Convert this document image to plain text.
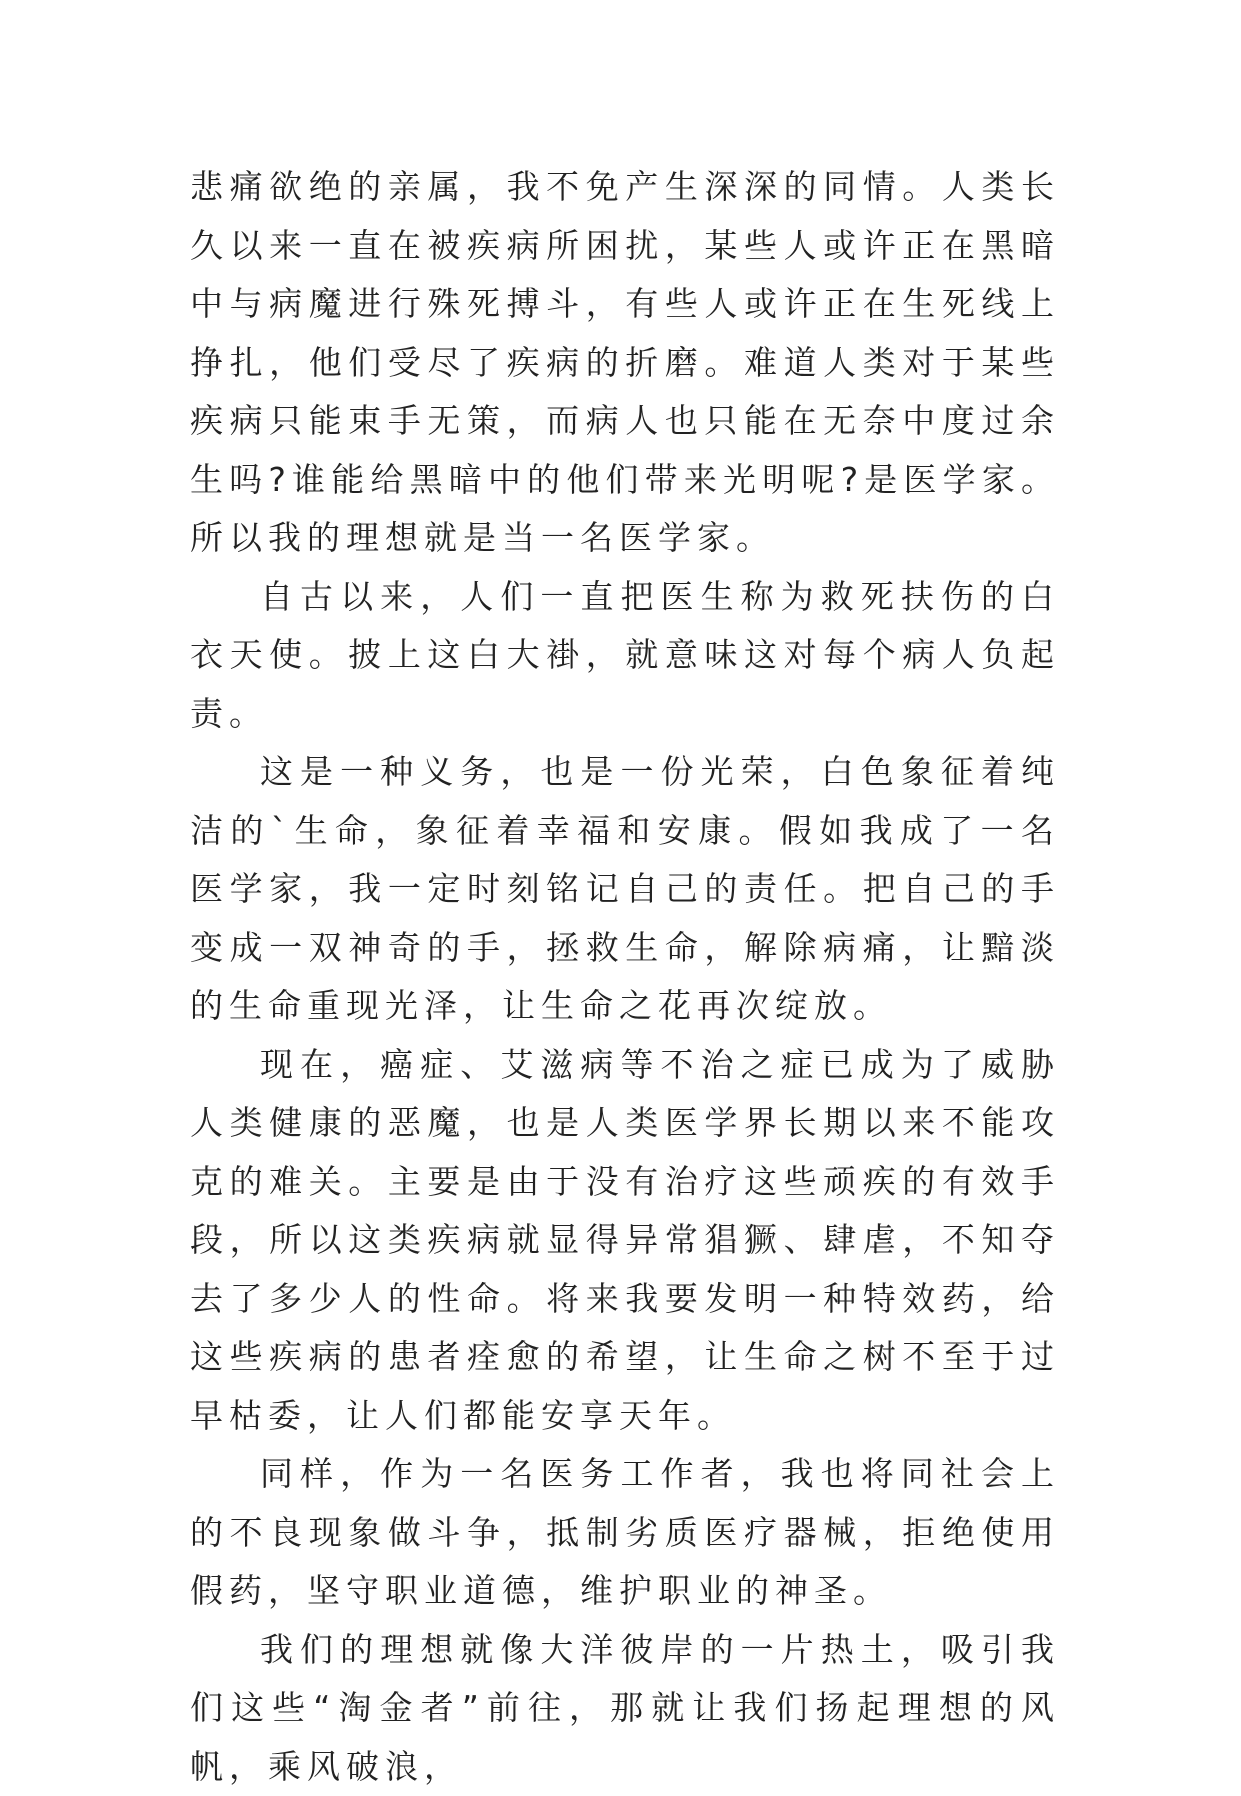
悲痛欲绝的亲属，我不免产生深深的同情。人类长久以来一直在被疾病所困扰，某些人或许正在黑暗中与病魔进行殊死搏斗，有些人或许正在生死线上挣扎，他们受尽了疾病的折磨。难道人类对于某些疾病只能束手无策，而病人也只能在无奈中度过余生吗?谁能给黑暗中的他们带来光明呢?是医学家。所以我的理想就是当一名医学家。

自古以来，人们一直把医生称为救死扶伤的白衣天使。披上这白大褂，就意味这对每个病人负起责。

这是一种义务，也是一份光荣，白色象征着纯洁的`生命，象征着幸福和安康。假如我成了一名医学家，我一定时刻铭记自己的责任。把自己的手变成一双神奇的手，拯救生命，解除病痛，让黯淡的生命重现光泽，让生命之花再次绽放。

现在，癌症、艾滋病等不治之症已成为了威胁人类健康的恶魔，也是人类医学界长期以来不能攻克的难关。主要是由于没有治疗这些顽疾的有效手段，所以这类疾病就显得异常猖獗、肆虐，不知夺去了多少人的性命。将来我要发明一种特效药，给这些疾病的患者痊愈的希望，让生命之树不至于过早枯委，让人们都能安享天年。

同样，作为一名医务工作者，我也将同社会上的不良现象做斗争，抵制劣质医疗器械，拒绝使用假药，坚守职业道德，维护职业的神圣。

我们的理想就像大洋彼岸的一片热土，吸引我们这些“淘金者”前往，那就让我们扬起理想的风帆，乘风破浪，
